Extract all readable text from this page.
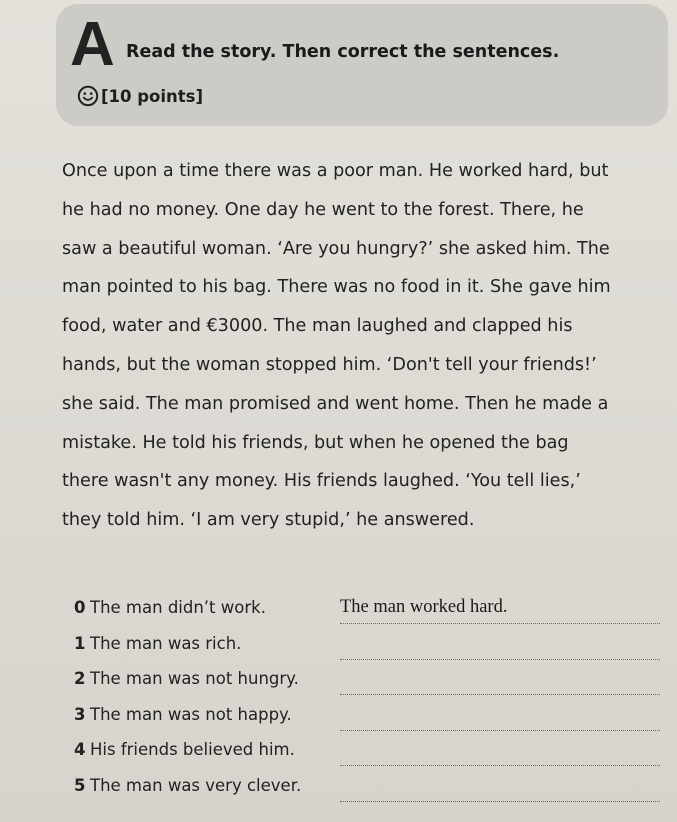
A Read the story. Then correct the sentences.
[10 points]
Once upon a time there was a poor man. He worked hard, but
he had no money. One day he went to the forest. There, he
saw a beautiful woman. ‘Are you hungry?’ she asked him. The
man pointed to his bag. There was no food in it. She gave him
food, water and €3000. The man laughed and clapped his
hands, but the woman stopped him. ‘Don't tell your friends!’
she said. The man promised and went home. Then he made a
mistake. He told his friends, but when he opened the bag
there wasn't any money. His friends laughed. ‘You tell lies,’
they told him. ‘I am very stupid,’ he answered.
0 The man didn’t work.	The man worked hard.
1 The man was rich.
2 The man was not hungry.
3 The man was not happy.
4 His friends believed him.
5 The man was very clever.
